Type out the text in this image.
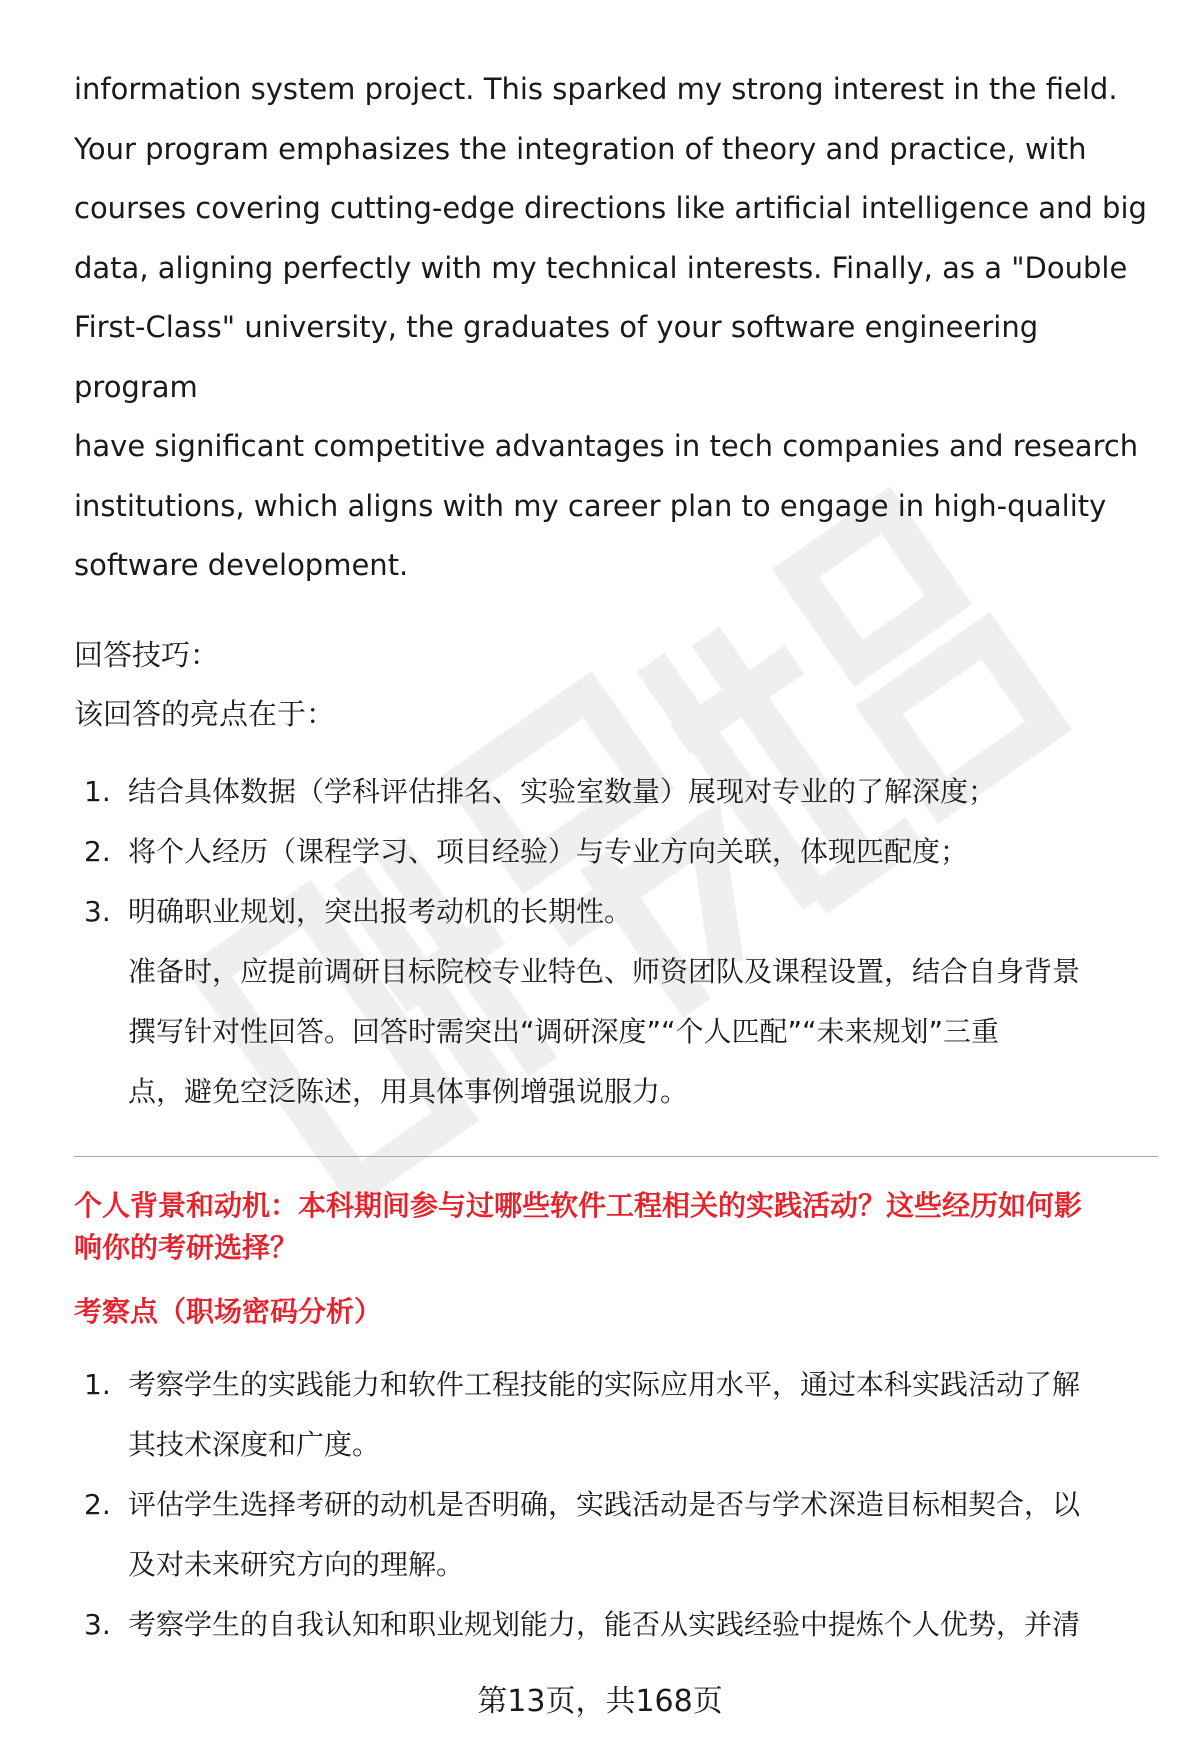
information system project. This sparked my strong interest in the field.

Your program emphasizes the integration of theory and practice, with

courses covering cutting-edge directions like artificial intelligence and big

data, aligning perfectly with my technical interests. Finally, as a "Double

First-Class" university, the graduates of your software engineering program

have significant competitive advantages in tech companies and research

institutions, which aligns with my career plan to engage in high-quality

software development.

回答技巧：

该回答的亮点在于：

1. 结合具体数据（学科评估排名、实验室数量）展现对专业的了解深度；
2. 将个人经历（课程学习、项目经验）与专业方向关联，体现匹配度；
3. 明确职业规划，突出报考动机的长期性。

准备时，应提前调研目标院校专业特色、师资团队及课程设置，结合自身背景

撰写针对性回答。回答时需突出“调研深度”“个人匹配”“未来规划”三重

点，避免空泛陈述，用具体事例增强说服力。

个人背景和动机：本科期间参与过哪些软件工程相关的实践活动？这些经历如何影
响你的考研选择？
考察点（职场密码分析）
1. 考察学生的实践能力和软件工程技能的实际应用水平，通过本科实践活动了解
其技术深度和广度。
2. 评估学生选择考研的动机是否明确，实践活动是否与学术深造目标相契合，以
及对未来研究方向的理解。
3. 考察学生的自我认知和职业规划能力，能否从实践经验中提炼个人优势，并清
第13页，共168页
